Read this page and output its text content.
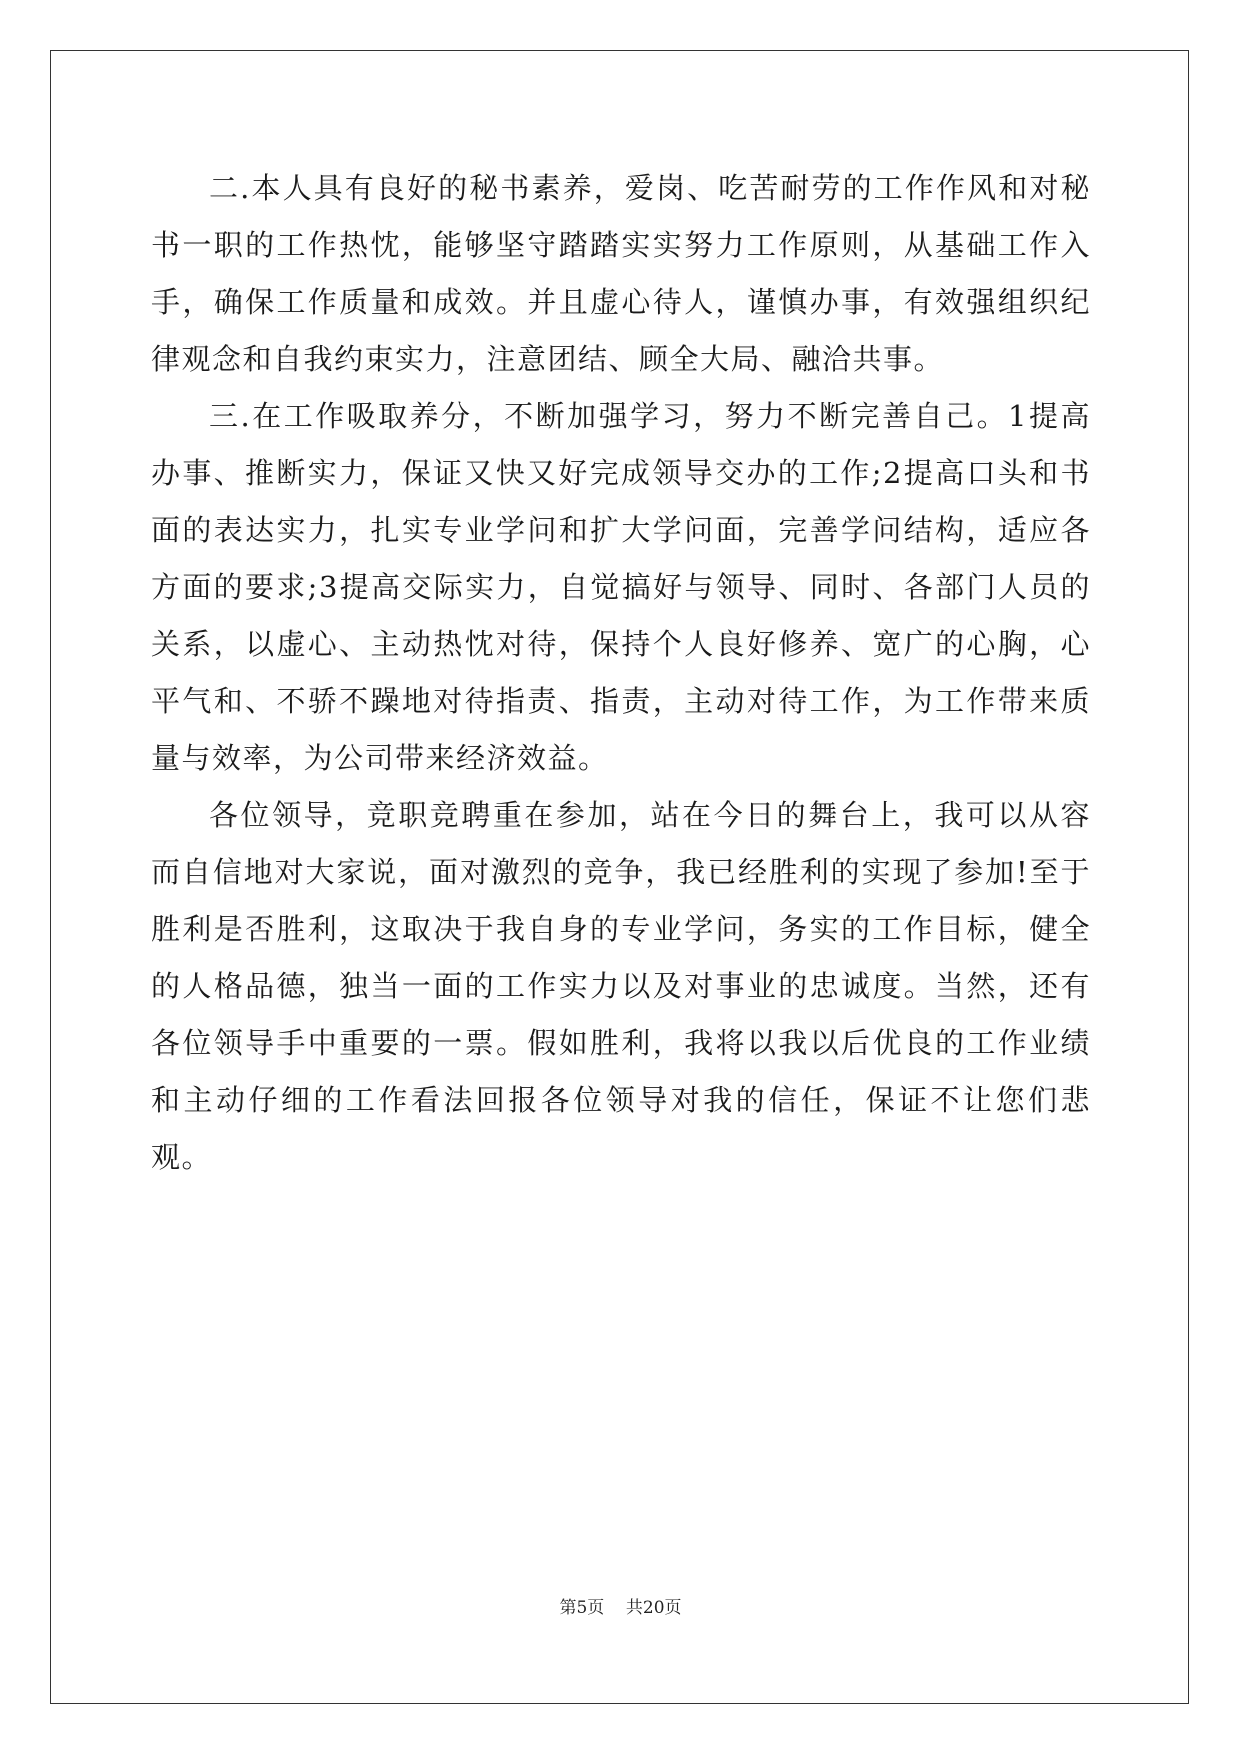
二.本人具有良好的秘书素养，爱岗、吃苦耐劳的工作作风和对秘书一职的工作热忱，能够坚守踏踏实实努力工作原则，从基础工作入手，确保工作质量和成效。并且虚心待人，谨慎办事，有效强组织纪律观念和自我约束实力，注意团结、顾全大局、融洽共事。

三.在工作吸取养分，不断加强学习，努力不断完善自己。1提高办事、推断实力，保证又快又好完成领导交办的工作;2提高口头和书面的表达实力，扎实专业学问和扩大学问面，完善学问结构，适应各方面的要求;3提高交际实力，自觉搞好与领导、同时、各部门人员的关系，以虚心、主动热忱对待，保持个人良好修养、宽广的心胸，心平气和、不骄不躁地对待指责、指责，主动对待工作，为工作带来质量与效率，为公司带来经济效益。

各位领导，竞职竞聘重在参加，站在今日的舞台上，我可以从容而自信地对大家说，面对激烈的竞争，我已经胜利的实现了参加!至于胜利是否胜利，这取决于我自身的专业学问，务实的工作目标，健全的人格品德，独当一面的工作实力以及对事业的忠诚度。当然，还有各位领导手中重要的一票。假如胜利，我将以我以后优良的工作业绩和主动仔细的工作看法回报各位领导对我的信任，保证不让您们悲观。

第5页 共20页
